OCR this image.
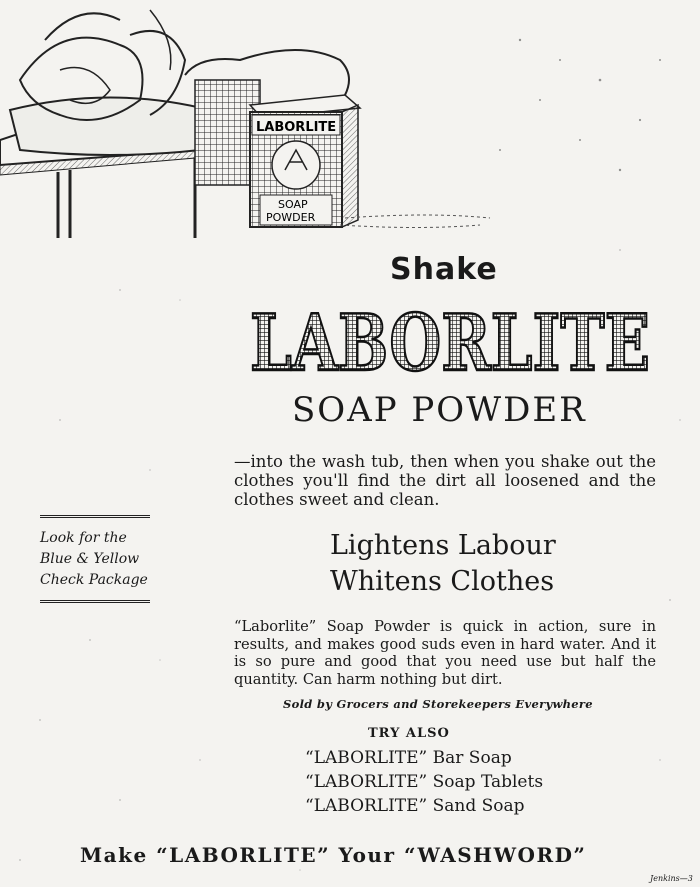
LABORLITE
SOAP
POWDER
Shake
LABORLITE
SOAP POWDER
—into the wash tub, then when you shake out the clothes you'll find the dirt all loosened and the clothes sweet and clean.
Look for the
Blue & Yellow
Check Package
Lightens Labour
Whitens Clothes
“Laborlite” Soap Powder is quick in action, sure in results, and makes good suds even in hard water. And it is so pure and good that you need use but half the quantity. Can harm nothing but dirt.
Sold by Grocers and Storekeepers Everywhere
TRY ALSO
“LABORLITE” Bar Soap
“LABORLITE” Soap Tablets
“LABORLITE” Sand Soap
Make “LABORLITE” Your “WASHWORD”
Jenkins—3
